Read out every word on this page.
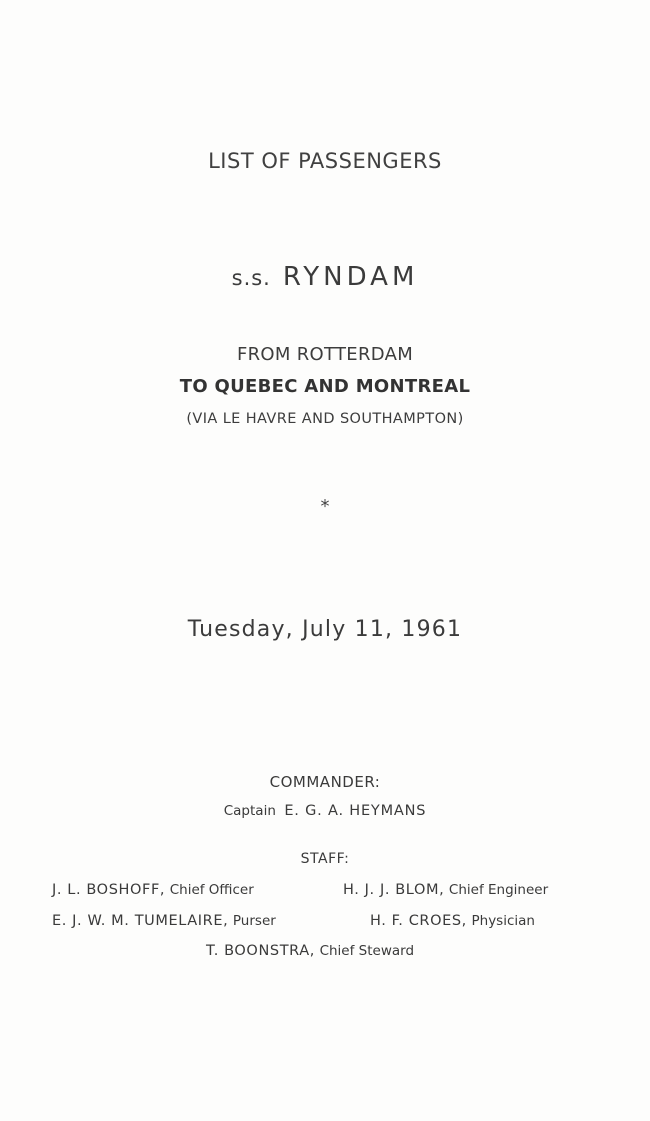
LIST OF PASSENGERS
s.s. RYNDAM
FROM ROTTERDAM
TO QUEBEC AND MONTREAL
(VIA LE HAVRE AND SOUTHAMPTON)
*
Tuesday, July 11, 1961
COMMANDER:
Captain E. G. A. HEYMANS
STAFF:
J. L. BOSHOFF, Chief Officer	H. J. J. BLOM, Chief Engineer
E. J. W. M. TUMELAIRE, Purser	H. F. CROES, Physician
T. BOONSTRA, Chief Steward
